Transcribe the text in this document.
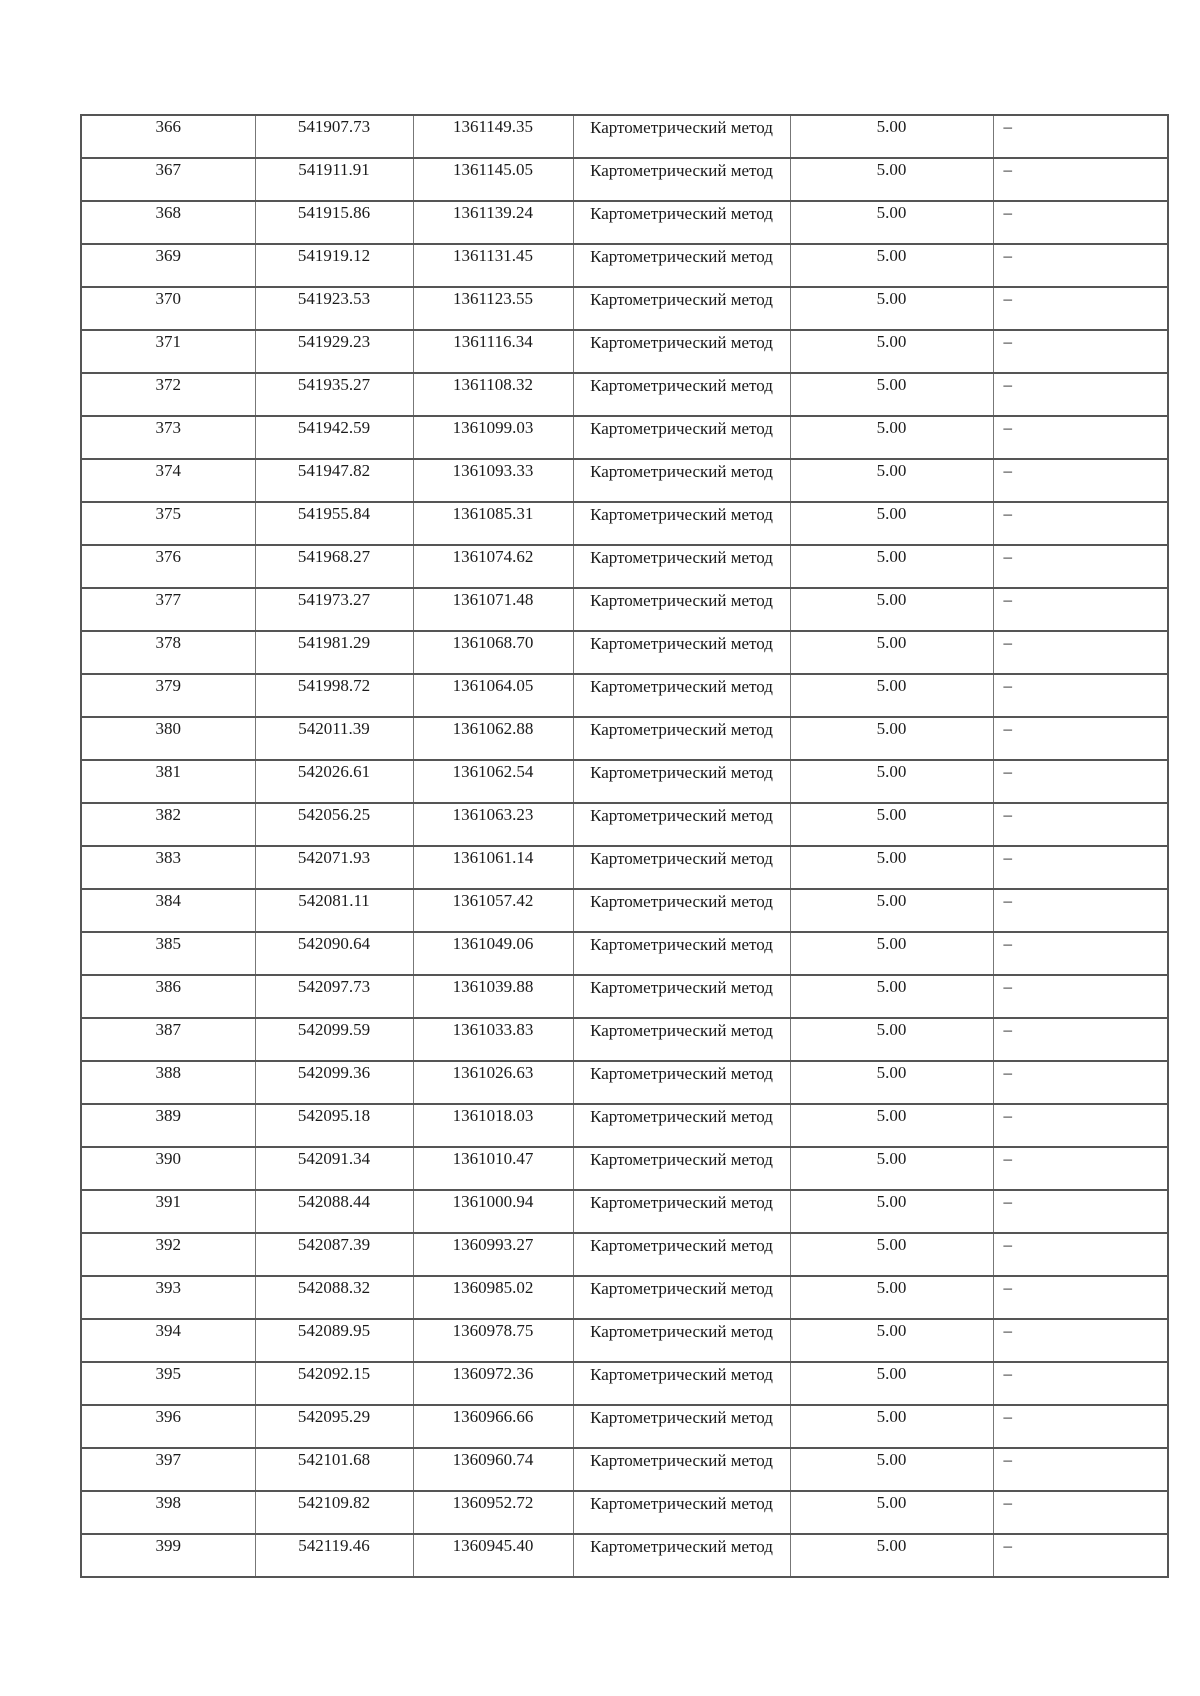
366	541907.73	1361149.35	Картометрический метод	5.00	–
367	541911.91	1361145.05	Картометрический метод	5.00	–
368	541915.86	1361139.24	Картометрический метод	5.00	–
369	541919.12	1361131.45	Картометрический метод	5.00	–
370	541923.53	1361123.55	Картометрический метод	5.00	–
371	541929.23	1361116.34	Картометрический метод	5.00	–
372	541935.27	1361108.32	Картометрический метод	5.00	–
373	541942.59	1361099.03	Картометрический метод	5.00	–
374	541947.82	1361093.33	Картометрический метод	5.00	–
375	541955.84	1361085.31	Картометрический метод	5.00	–
376	541968.27	1361074.62	Картометрический метод	5.00	–
377	541973.27	1361071.48	Картометрический метод	5.00	–
378	541981.29	1361068.70	Картометрический метод	5.00	–
379	541998.72	1361064.05	Картометрический метод	5.00	–
380	542011.39	1361062.88	Картометрический метод	5.00	–
381	542026.61	1361062.54	Картометрический метод	5.00	–
382	542056.25	1361063.23	Картометрический метод	5.00	–
383	542071.93	1361061.14	Картометрический метод	5.00	–
384	542081.11	1361057.42	Картометрический метод	5.00	–
385	542090.64	1361049.06	Картометрический метод	5.00	–
386	542097.73	1361039.88	Картометрический метод	5.00	–
387	542099.59	1361033.83	Картометрический метод	5.00	–
388	542099.36	1361026.63	Картометрический метод	5.00	–
389	542095.18	1361018.03	Картометрический метод	5.00	–
390	542091.34	1361010.47	Картометрический метод	5.00	–
391	542088.44	1361000.94	Картометрический метод	5.00	–
392	542087.39	1360993.27	Картометрический метод	5.00	–
393	542088.32	1360985.02	Картометрический метод	5.00	–
394	542089.95	1360978.75	Картометрический метод	5.00	–
395	542092.15	1360972.36	Картометрический метод	5.00	–
396	542095.29	1360966.66	Картометрический метод	5.00	–
397	542101.68	1360960.74	Картометрический метод	5.00	–
398	542109.82	1360952.72	Картометрический метод	5.00	–
399	542119.46	1360945.40	Картометрический метод	5.00	–
